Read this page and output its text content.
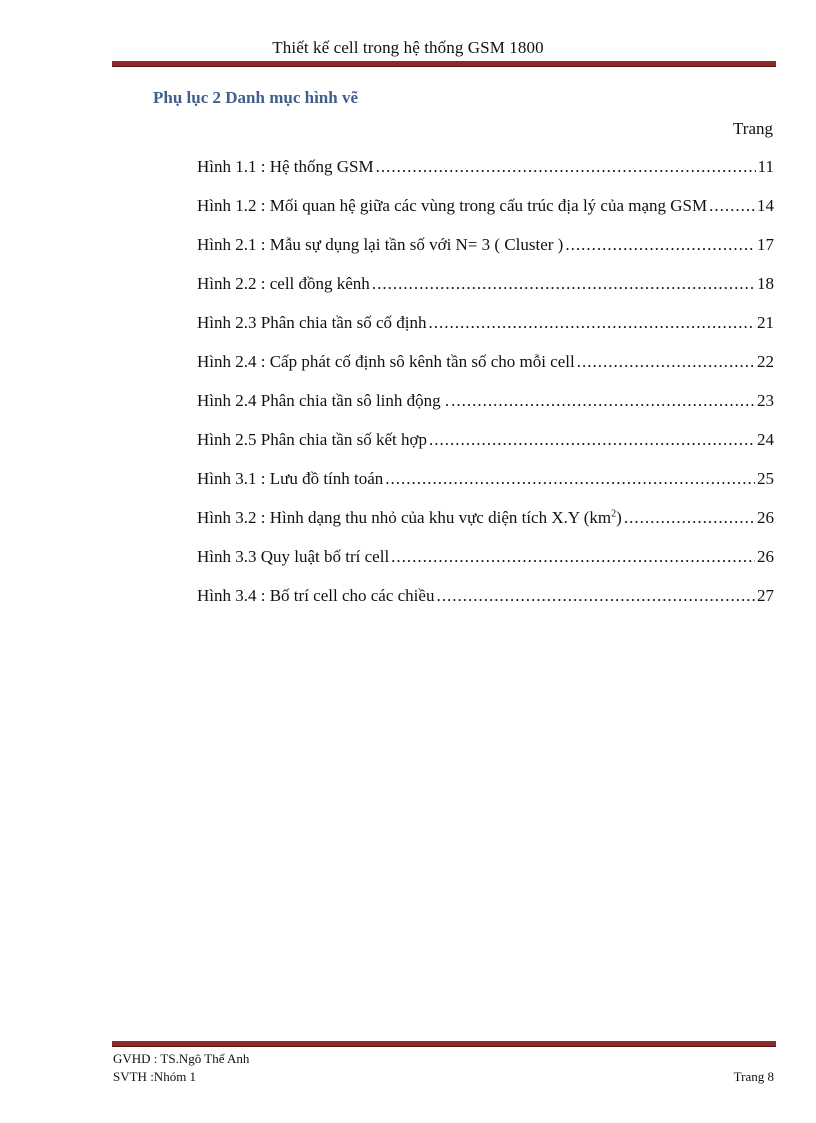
Thiết kế cell trong hệ thống GSM 1800
Phụ lục 2 Danh mục hình vẽ
Trang
Hình 1.1 : Hệ thống GSM .....	11
Hình 1.2 : Mối quan hệ giữa các vùng trong cấu trúc địa lý của mạng GSM .....	14
Hình 2.1 : Mẫu sự dụng lại tần số với N= 3 ( Cluster ) .....	17
Hình 2.2 : cell đồng kênh .....	18
Hình 2.3 Phân chia tần số cố định .....	21
Hình 2.4 : Cấp phát cố định sô kênh tần số cho mỗi cell .....	22
Hình 2.4 Phân chia tần sô linh động . .....	23
Hình 2.5 Phân chia tần số kết hợp .....	24
Hình 3.1 : Lưu đồ tính toán .....	25
Hình 3.2 : Hình dạng thu nhỏ của khu vực diện tích X.Y $(km^2)$ .....	26
Hình 3.3 Quy luật bố trí cell .....	26
Hình 3.4 : Bố trí cell cho các chiều .....	27
GVHD : TS.Ngô Thế Anh
SVTH :Nhóm 1	Trang 8
